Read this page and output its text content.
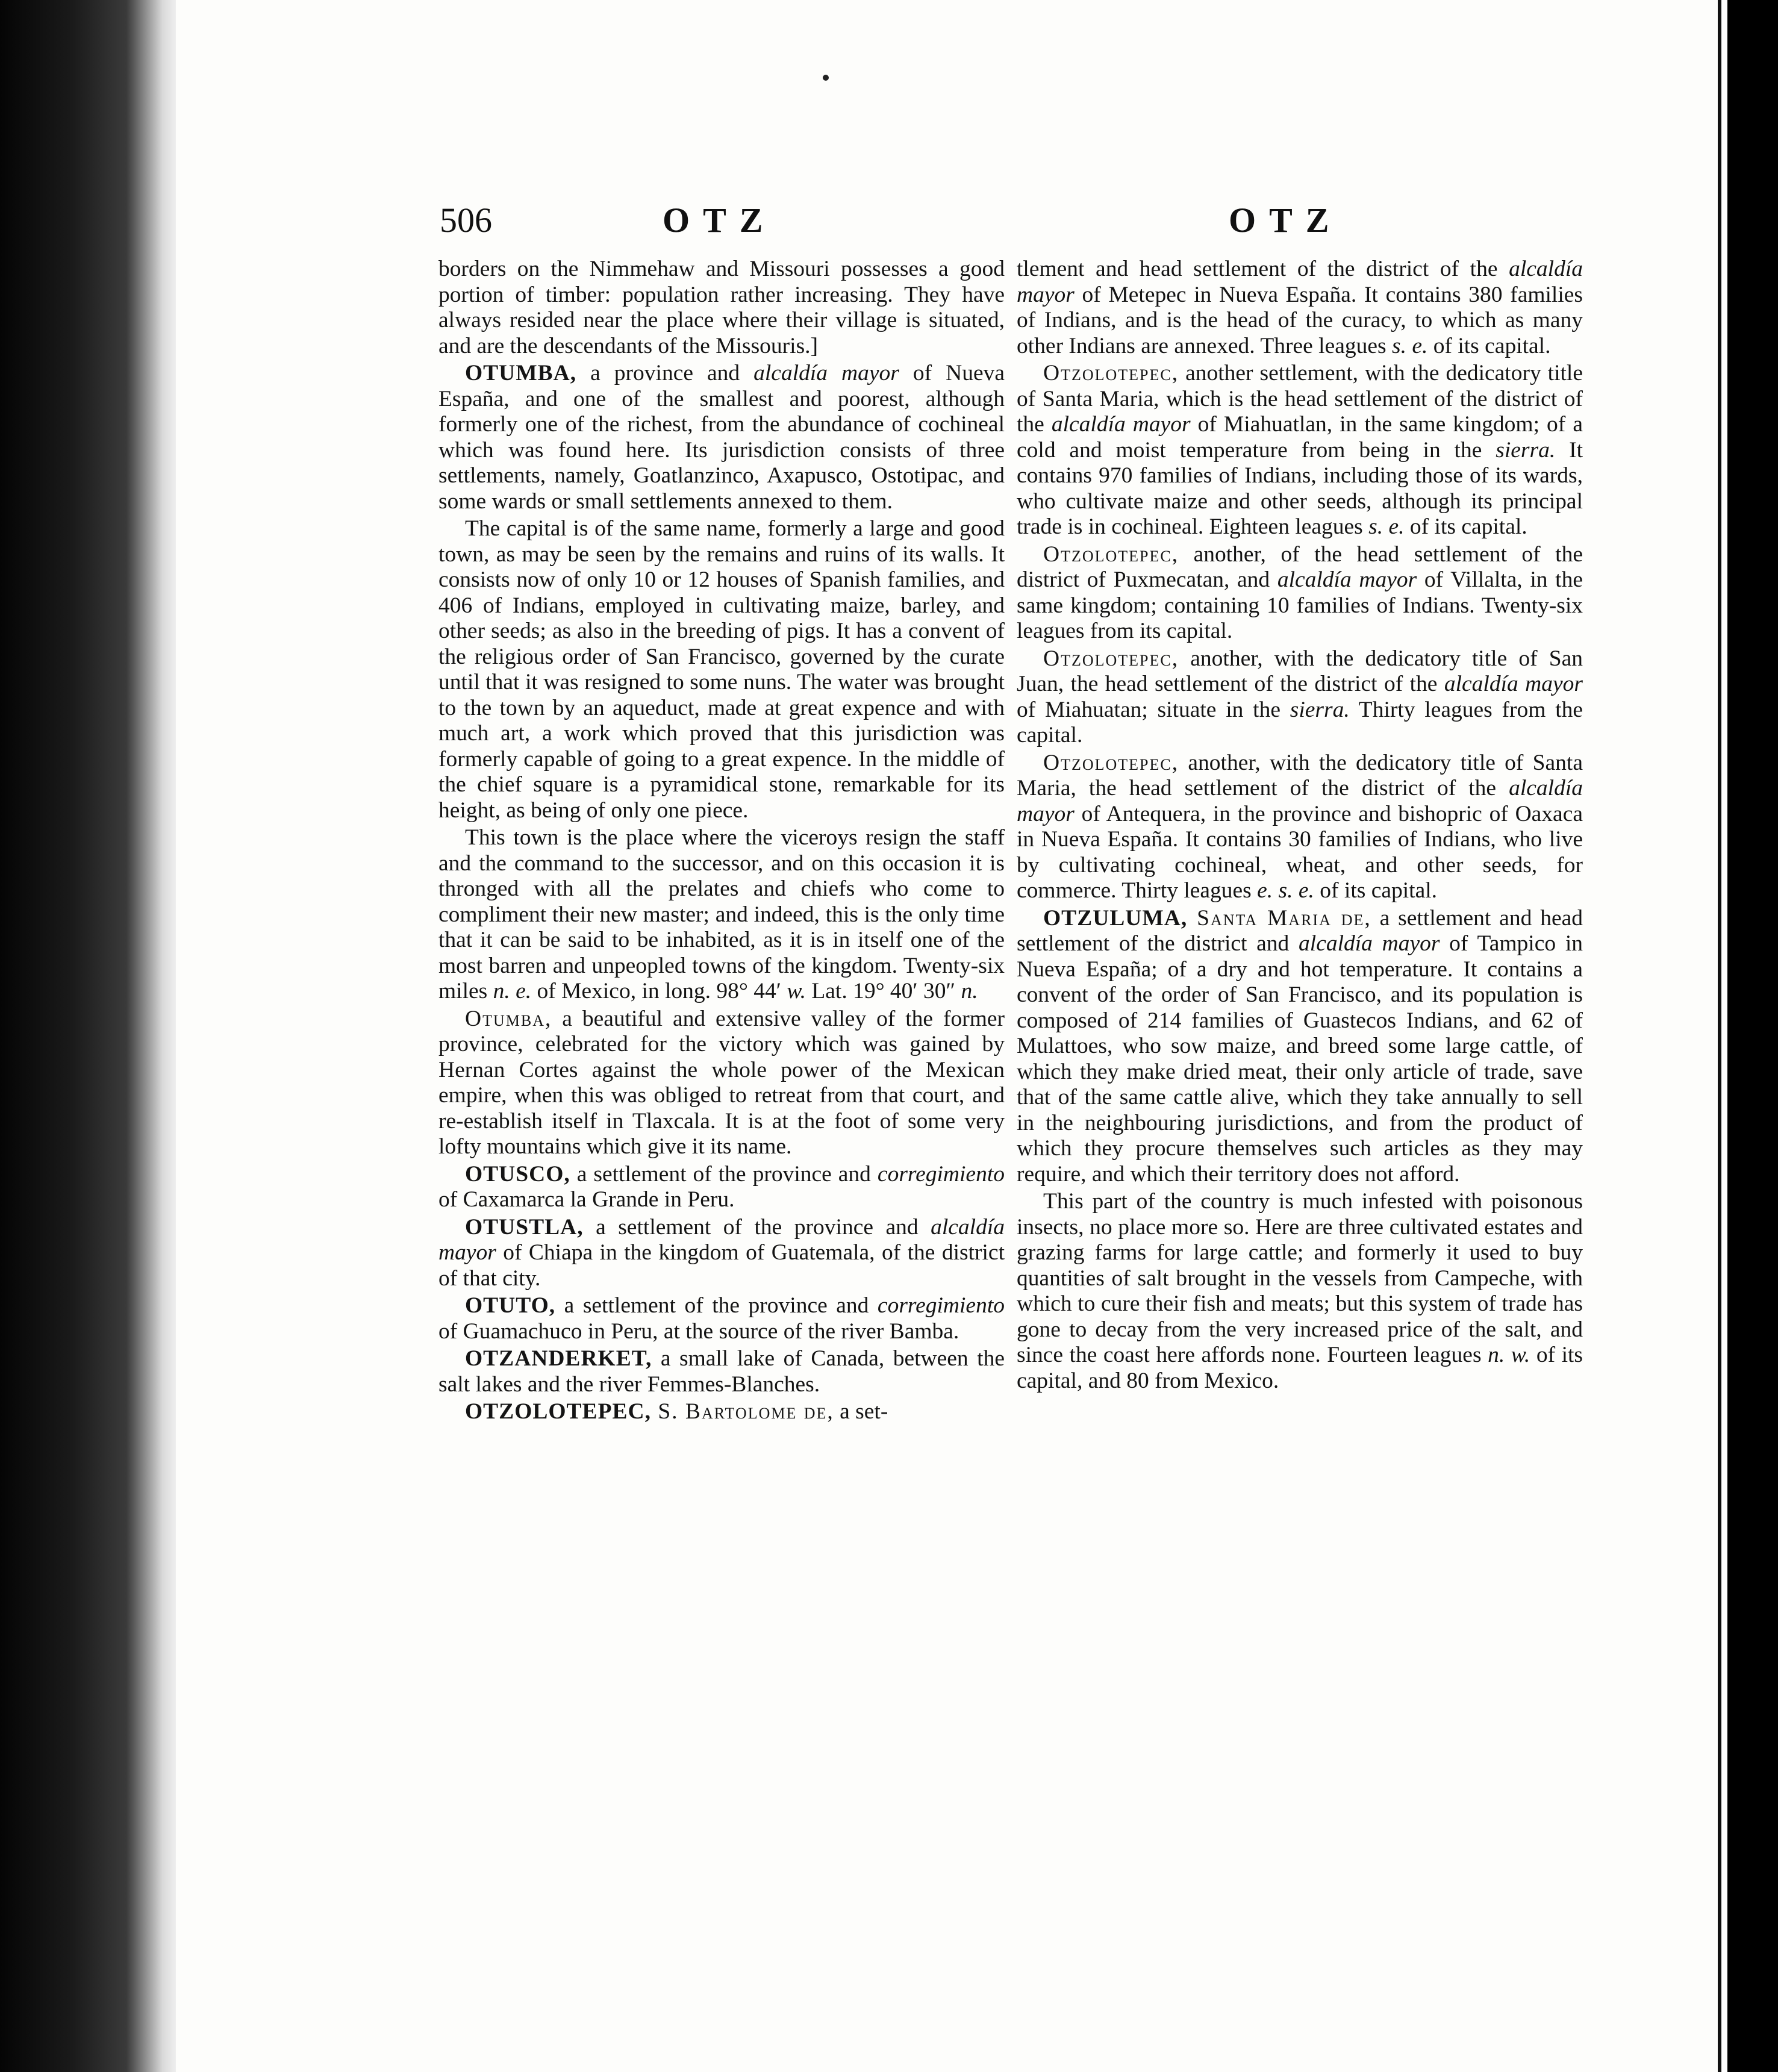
506	OTZ	OTZ

borders on the Nimmehaw and Missouri possesses a good portion of timber: population rather increasing. They have always resided near the place where their village is situated, and are the descendants of the Missouris.]

OTUMBA, a province and alcaldía mayor of Nueva España, and one of the smallest and poorest, although formerly one of the richest, from the abundance of cochineal which was found here. Its jurisdiction consists of three settlements, namely, Goatlanzinco, Axapusco, Ostotipac, and some wards or small settlements annexed to them.

The capital is of the same name, formerly a large and good town, as may be seen by the remains and ruins of its walls. It consists now of only 10 or 12 houses of Spanish families, and 406 of Indians, employed in cultivating maize, barley, and other seeds; as also in the breeding of pigs. It has a convent of the religious order of San Francisco, governed by the curate until that it was resigned to some nuns. The water was brought to the town by an aqueduct, made at great expence and with much art, a work which proved that this jurisdiction was formerly capable of going to a great expence. In the middle of the chief square is a pyramidical stone, remarkable for its height, as being of only one piece.

This town is the place where the viceroys resign the staff and the command to the successor, and on this occasion it is thronged with all the prelates and chiefs who come to compliment their new master; and indeed, this is the only time that it can be said to be inhabited, as it is in itself one of the most barren and unpeopled towns of the kingdom. Twenty-six miles n. e. of Mexico, in long. 98° 44′ w. Lat. 19° 40′ 30″ n.

Otumba, a beautiful and extensive valley of the former province, celebrated for the victory which was gained by Hernan Cortes against the whole power of the Mexican empire, when this was obliged to retreat from that court, and re-establish itself in Tlaxcala. It is at the foot of some very lofty mountains which give it its name.

OTUSCO, a settlement of the province and corregimiento of Caxamarca la Grande in Peru.

OTUSTLA, a settlement of the province and alcaldía mayor of Chiapa in the kingdom of Guatemala, of the district of that city.

OTUTO, a settlement of the province and corregimiento of Guamachuco in Peru, at the source of the river Bamba.

OTZANDERKET, a small lake of Canada, between the salt lakes and the river Femmes-Blanches.

OTZOLOTEPEC, S. Bartolome de, a set-

tlement and head settlement of the district of the alcaldía mayor of Metepec in Nueva España. It contains 380 families of Indians, and is the head of the curacy, to which as many other Indians are annexed. Three leagues s. e. of its capital.

Otzolotepec, another settlement, with the dedicatory title of Santa Maria, which is the head settlement of the district of the alcaldía mayor of Miahuatlan, in the same kingdom; of a cold and moist temperature from being in the sierra. It contains 970 families of Indians, including those of its wards, who cultivate maize and other seeds, although its principal trade is in cochineal. Eighteen leagues s. e. of its capital.

Otzolotepec, another, of the head settlement of the district of Puxmecatan, and alcaldía mayor of Villalta, in the same kingdom; containing 10 families of Indians. Twenty-six leagues from its capital.

Otzolotepec, another, with the dedicatory title of San Juan, the head settlement of the district of the alcaldía mayor of Miahuatan; situate in the sierra. Thirty leagues from the capital.

Otzolotepec, another, with the dedicatory title of Santa Maria, the head settlement of the district of the alcaldía mayor of Antequera, in the province and bishopric of Oaxaca in Nueva España. It contains 30 families of Indians, who live by cultivating cochineal, wheat, and other seeds, for commerce. Thirty leagues e. s. e. of its capital.

OTZULUMA, Santa Maria de, a settlement and head settlement of the district and alcaldía mayor of Tampico in Nueva España; of a dry and hot temperature. It contains a convent of the order of San Francisco, and its population is composed of 214 families of Guastecos Indians, and 62 of Mulattoes, who sow maize, and breed some large cattle, of which they make dried meat, their only article of trade, save that of the same cattle alive, which they take annually to sell in the neighbouring jurisdictions, and from the product of which they procure themselves such articles as they may require, and which their territory does not afford.

This part of the country is much infested with poisonous insects, no place more so. Here are three cultivated estates and grazing farms for large cattle; and formerly it used to buy quantities of salt brought in the vessels from Campeche, with which to cure their fish and meats; but this system of trade has gone to decay from the very increased price of the salt, and since the coast here affords none. Fourteen leagues n. w. of its capital, and 80 from Mexico.
